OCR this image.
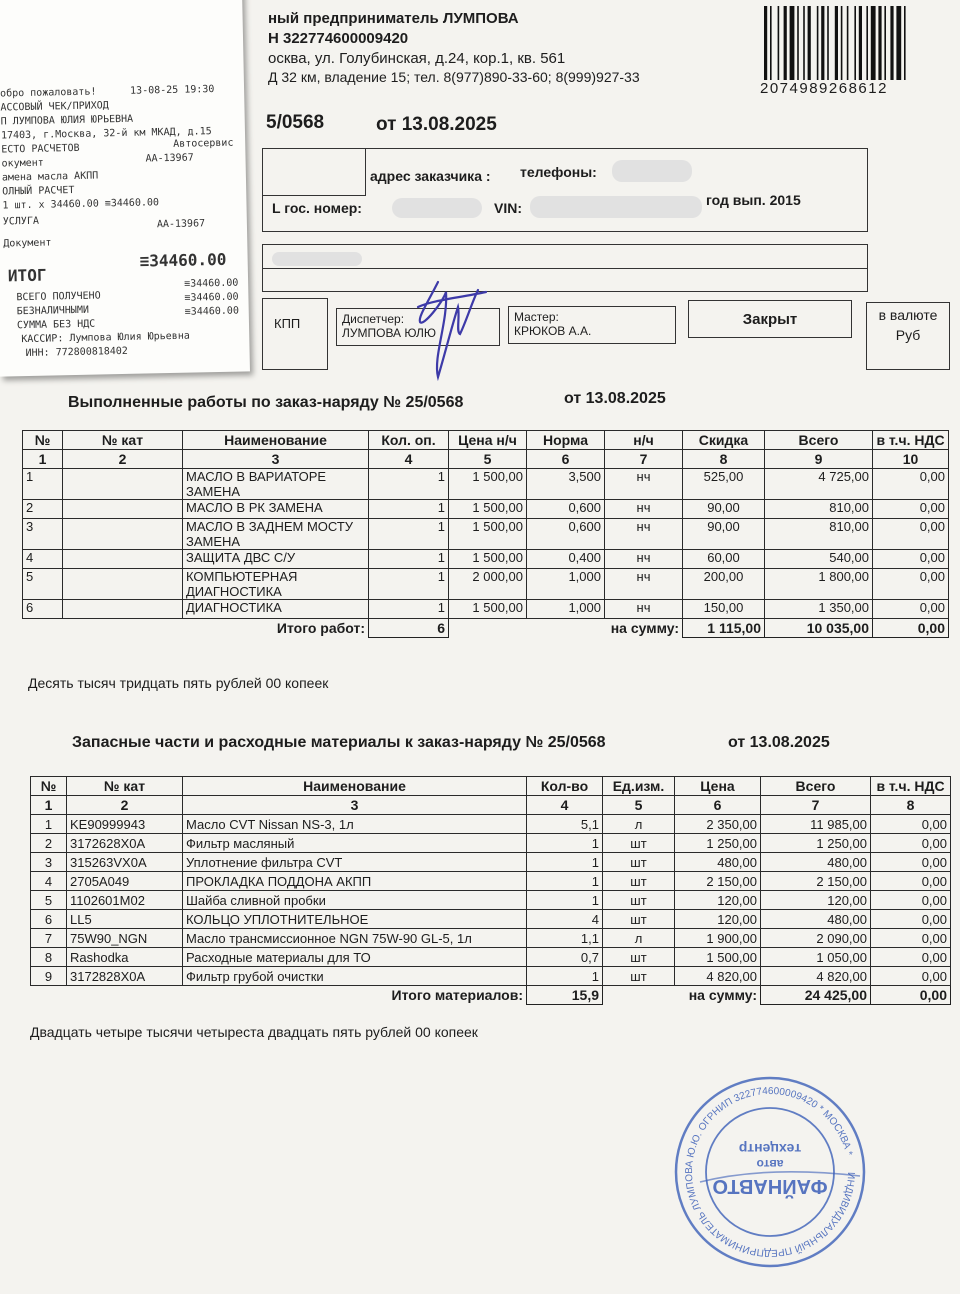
ный предприниматель ЛУМПОВА
Н 322774600009420
осква, ул. Голубинская, д.24, кор.1, кв. 561
Д 32 км, владение 15; тел. 8(977)890-33-60; 8(999)927-33
2074989268612
5/0568	от 13.08.2025
адрес заказчика : телефоны:
L гос. номер:	VIN:	год вып. 2015
КПП	Диспетчер:
ЛУМПОВА ЮЛЮ
Мастер:
КРЮКОВ А.А.
Закрыт	в валюте
Руб
Выполненные работы по заказ-наряду № 25/0568	от 13.08.2025
№	№ кат	Наименование	Кол. оп.	Цена н/ч	Норма	н/ч	Скидка	Всего	в т.ч. НДС
1	2	3	4	5	6	7	8	9	10
1		МАСЛО В ВАРИАТОРЕ ЗАМЕНА	1	1 500,00	3,500	нч	525,00	4 725,00	0,00
2		МАСЛО В РК ЗАМЕНА	1	1 500,00	0,600	нч	90,00	810,00	0,00
3		МАСЛО В ЗАДНЕМ МОСТУ ЗАМЕНА	1	1 500,00	0,600	нч	90,00	810,00	0,00
4		ЗАЩИТА ДВС С/У	1	1 500,00	0,400	нч	60,00	540,00	0,00
5		КОМПЬЮТЕРНАЯ ДИАГНОСТИКА	1	2 000,00	1,000	нч	200,00	1 800,00	0,00
6		ДИАГНОСТИКА	1	1 500,00	1,000	нч	150,00	1 350,00	0,00
Итого работ:			6	на сумму:			1 115,00	10 035,00	0,00
Десять тысяч тридцать пять рублей 00 копеек
Запасные части и расходные материалы к заказ-наряду № 25/0568	от 13.08.2025
№	№ кат	Наименование	Кол-во	Ед.изм.	Цена	Всего	в т.ч. НДС
1	2	3	4	5	6	7	8
1	KE90999943	Масло CVT Nissan NS-3, 1л	5,1	л	2 350,00	11 985,00	0,00
2	3172628X0A	Фильтр масляный	1	шт	1 250,00	1 250,00	0,00
3	315263VX0A	Уплотнение фильтра CVT	1	шт	480,00	480,00	0,00
4	2705A049	ПРОКЛАДКА ПОДДОНА АКПП	1	шт	2 150,00	2 150,00	0,00
5	1102601M02	Шайба сливной пробки	1	шт	120,00	120,00	0,00
6	LL5	КОЛЬЦО УПЛОТНИТЕЛЬНОЕ	4	шт	120,00	480,00	0,00
7	75W90_NGN	Масло трансмиссионное NGN 75W-90 GL-5, 1л	1,1	л	1 900,00	2 090,00	0,00
8	Rashodka	Расходные материалы для ТО	0,7	шт	1 500,00	1 050,00	0,00
9	3172828X0A	Фильтр грубой очистки	1	шт	4 820,00	4 820,00	0,00
Итого материалов:			15,9	на сумму:		24 425,00	0,00
Двадцать четыре тысячи четыреста двадцать пять рублей 00 копеек
ИНДИВИДУАЛЬНЫЙ ПРЕДПРИНИМАТЕЛЬ ЛУМПОВА Ю.Ю. ОГРНИП 322774600009420 * МОСКВА *
ФАЙНАВТО
авто
техцентр
обро пожаловать!	13-08-25 19:30
АССОВЫЙ ЧЕК/ПРИХОД
П ЛУМПОВА ЮЛИЯ ЮРЬЕВНА
17403, г.Москва, 32-й км МКАД, д.15
ЕСТО РАСЧЕТОВ	Автосервис
окумент	АА-13967
амена масла АКПП
ОЛНЫЙ РАСЧЕТ
1 шт. х 34460.00 ≡34460.00
УСЛУГА	АА-13967
Документ
ИТОГ
≡34460.00
ВСЕГО ПОЛУЧЕНО
≡34460.00
БЕЗНАЛИЧНЫМИ
≡34460.00
СУММА БЕЗ НДС
≡34460.00
КАССИР: Лумпова Юлия Юрьевна
ИНН: 772800818402
